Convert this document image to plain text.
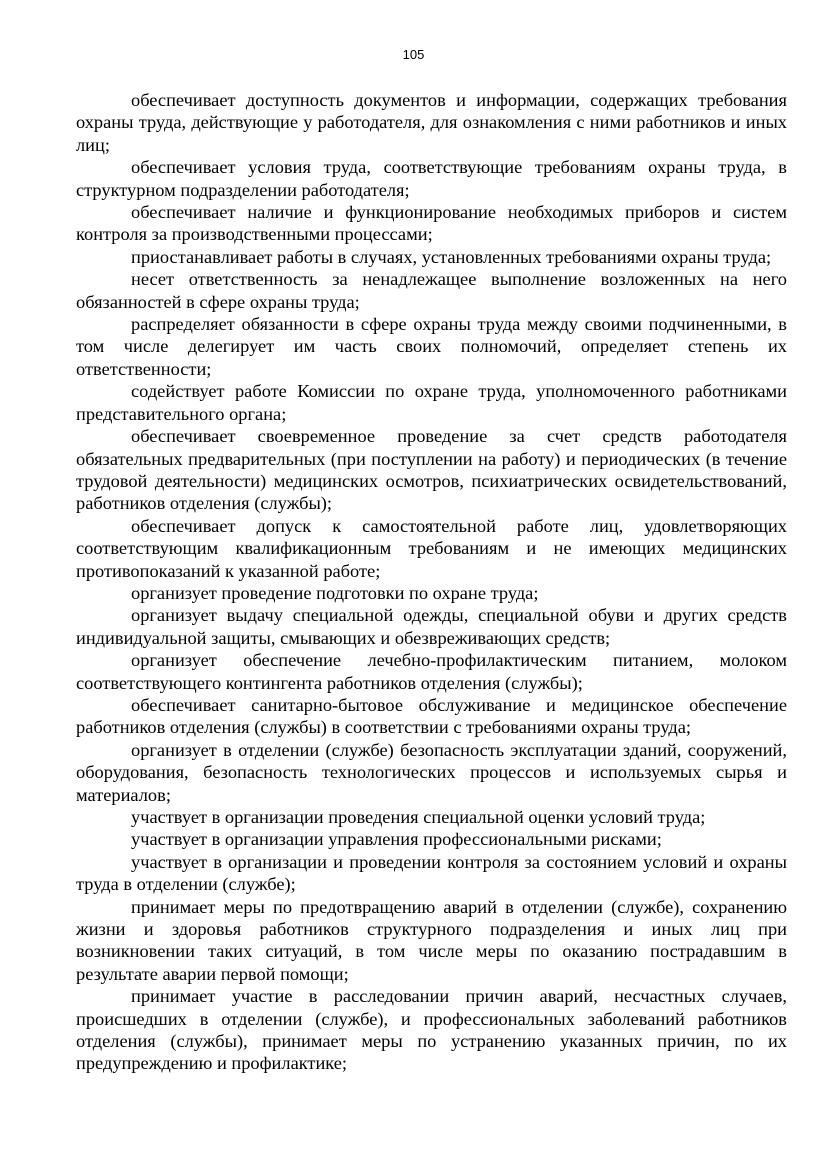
105

обеспечивает доступность документов и информации, содержащих требования охраны труда, действующие у работодателя, для ознакомления с ними работников и иных лиц;

обеспечивает условия труда, соответствующие требованиям охраны труда, в структурном подразделении работодателя;

обеспечивает наличие и функционирование необходимых приборов и систем контроля за производственными процессами;

приостанавливает работы в случаях, установленных требованиями охраны труда;

несет ответственность за ненадлежащее выполнение возложенных на него обязанностей в сфере охраны труда;

распределяет обязанности в сфере охраны труда между своими подчиненными, в том числе делегирует им часть своих полномочий, определяет степень их ответственности;

содействует работе Комиссии по охране труда, уполномоченного работниками представительного органа;

обеспечивает своевременное проведение за счет средств работодателя обязательных предварительных (при поступлении на работу) и периодических (в течение трудовой деятельности) медицинских осмотров, психиатрических освидетельствований, работников отделения (службы);

обеспечивает допуск к самостоятельной работе лиц, удовлетворяющих соответствующим квалификационным требованиям и не имеющих медицинских противопоказаний к указанной работе;

организует проведение подготовки по охране труда;

организует выдачу специальной одежды, специальной обуви и других средств индивидуальной защиты, смывающих и обезвреживающих средств;

организует обеспечение лечебно-профилактическим питанием, молоком соответствующего контингента работников отделения (службы);

обеспечивает санитарно-бытовое обслуживание и медицинское обеспечение работников отделения (службы) в соответствии с требованиями охраны труда;

организует в отделении (службе) безопасность эксплуатации зданий, сооружений, оборудования, безопасность технологических процессов и используемых сырья и материалов;

участвует в организации проведения специальной оценки условий труда;

участвует в организации управления профессиональными рисками;

участвует в организации и проведении контроля за состоянием условий и охраны труда в отделении (службе);

принимает меры по предотвращению аварий в отделении (службе), сохранению жизни и здоровья работников структурного подразделения и иных лиц при возникновении таких ситуаций, в том числе меры по оказанию пострадавшим в результате аварии первой помощи;

принимает участие в расследовании причин аварий, несчастных случаев, происшедших в отделении (службе), и профессиональных заболеваний работников отделения (службы), принимает меры по устранению указанных причин, по их предупреждению и профилактике;
